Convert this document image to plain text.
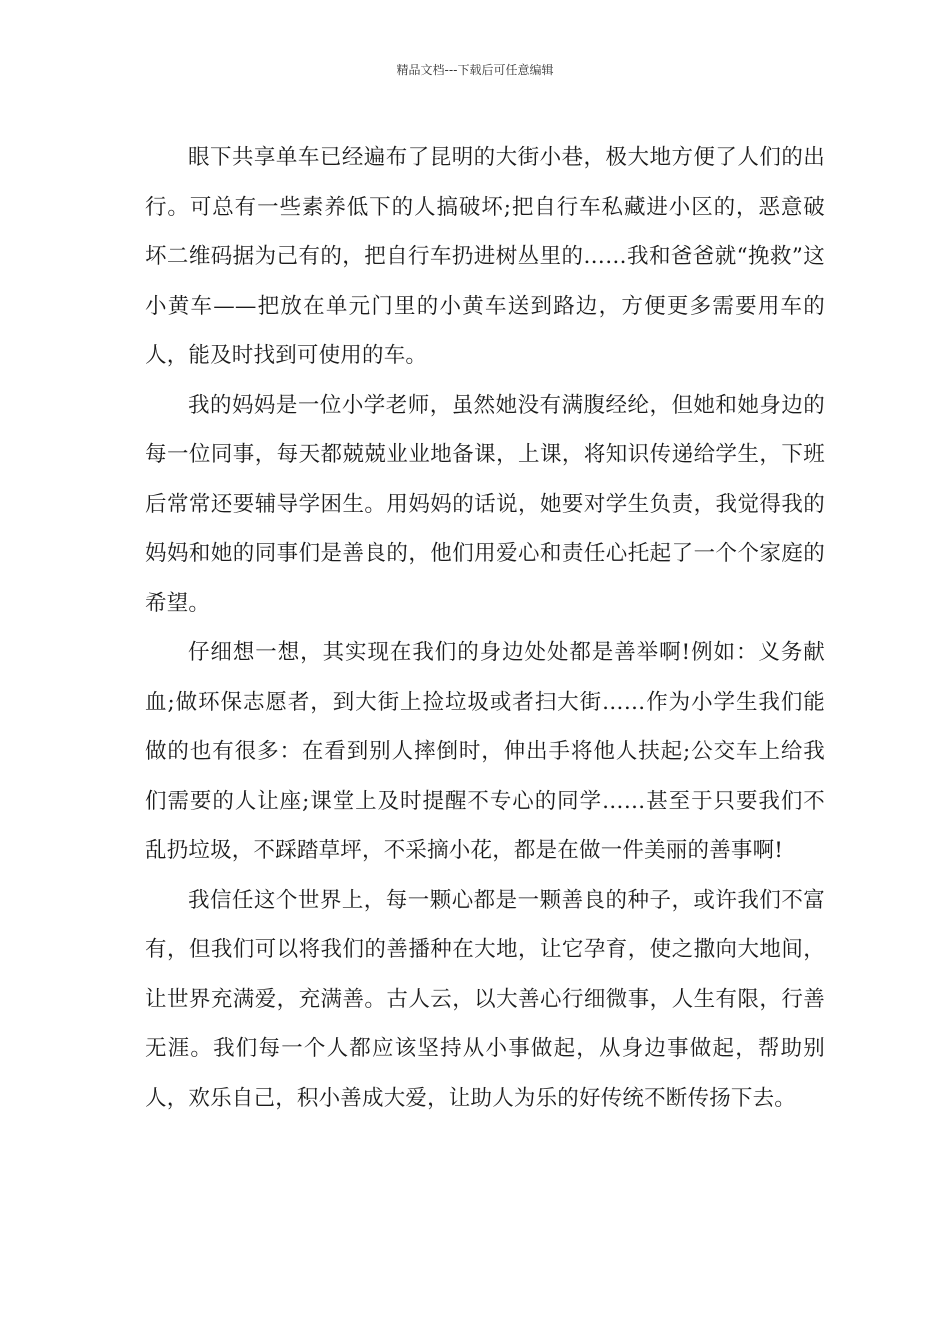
精品文档---下载后可任意编辑

眼下共享单车已经遍布了昆明的大街小巷，极大地方便了人们的出行。可总有一些素养低下的人搞破坏;把自行车私藏进小区的，恶意破坏二维码据为己有的，把自行车扔进树丛里的……我和爸爸就“挽救”这小黄车——把放在单元门里的小黄车送到路边，方便更多需要用车的人，能及时找到可使用的车。

我的妈妈是一位小学老师，虽然她没有满腹经纶，但她和她身边的每一位同事，每天都兢兢业业地备课，上课，将知识传递给学生，下班后常常还要辅导学困生。用妈妈的话说，她要对学生负责，我觉得我的妈妈和她的同事们是善良的，他们用爱心和责任心托起了一个个家庭的希望。

仔细想一想，其实现在我们的身边处处都是善举啊!例如：义务献血;做环保志愿者，到大街上捡垃圾或者扫大街……作为小学生我们能做的也有很多：在看到别人摔倒时，伸出手将他人扶起;公交车上给我们需要的人让座;课堂上及时提醒不专心的同学……甚至于只要我们不乱扔垃圾，不踩踏草坪，不采摘小花，都是在做一件美丽的善事啊!

我信任这个世界上，每一颗心都是一颗善良的种子，或许我们不富有，但我们可以将我们的善播种在大地，让它孕育，使之撒向大地间，让世界充满爱，充满善。古人云，以大善心行细微事，人生有限，行善无涯。我们每一个人都应该坚持从小事做起，从身边事做起，帮助别人，欢乐自己，积小善成大爱，让助人为乐的好传统不断传扬下去。
